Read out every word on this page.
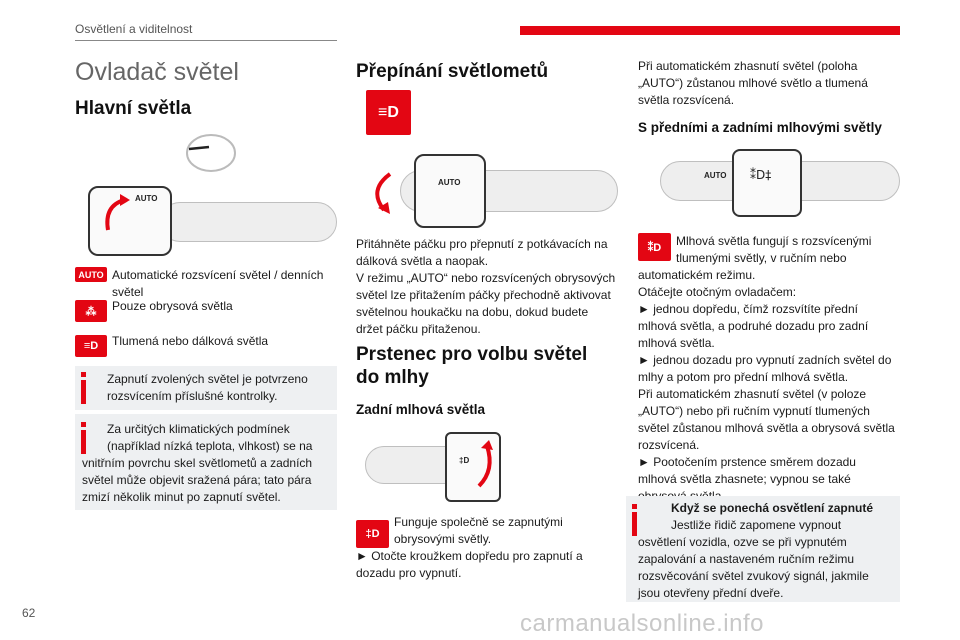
Osvětlení a viditelnost
Ovladač světel
Hlavní světla
AUTO
AUTO Automatické rozsvícení světel / denních
světel
⁂	Pouze obrysová světla
≡D	Tlumená nebo dálková světla
Zapnutí zvolených světel je potvrzeno
rozsvícením příslušné kontrolky.
Za určitých klimatických podmínek
(například nízká teplota, vlhkost) se na
vnitřním povrchu skel světlometů a zadních
světel může objevit sražená pára; tato pára
zmizí několik minut po zapnutí světel.
Přepínání světlometů
≡D
AUTO
Přitáhněte páčku pro přepnutí z potkávacích na
dálková světla a naopak.
V režimu „AUTO“ nebo rozsvícených obrysových
světel lze přitažením páčky přechodně aktivovat
světelnou houkačku na dobu, dokud budete
držet páčku přitaženou.
Prstenec pro volbu světel
do mlhy
Zadní mlhová světla
‡D
‡D
Funguje společně se zapnutými
obrysovými světly.
► Otočte kroužkem dopředu pro zapnutí a
dozadu pro vypnutí.
Při automatickém zhasnutí světel (poloha
„AUTO“) zůstanou mlhové světlo a tlumená
světla rozsvícená.
S předními a zadními mlhovými světly
AUTO ⁑D‡
⁑D	Mlhová světla fungují s rozsvícenými
tlumenými světly, v ručním nebo
automatickém režimu.
Otáčejte otočným ovladačem:
► jednou dopředu, čímž rozsvítíte přední
mlhová světla, a podruhé dozadu pro zadní
mlhová světla.
► jednou dozadu pro vypnutí zadních světel do
mlhy a potom pro přední mlhová světla.
Při automatickém zhasnutí světel (v poloze
„AUTO“) nebo při ručním vypnutí tlumených
světel zůstanou mlhová světla a obrysová světla
rozsvícená.
► Pootočením prstence směrem dozadu
mlhová světla zhasnete; vypnou se také
Když se ponechá osvětlení zapnuté
Jestliže řidič zapomene vypnout
osvětlení vozidla, ozve se při vypnutém
zapalování a nastaveném ručním režimu
rozsvěcování světel zvukový signál, jakmile
jsou otevřeny přední dveře.
62	carmanualsonline.info
